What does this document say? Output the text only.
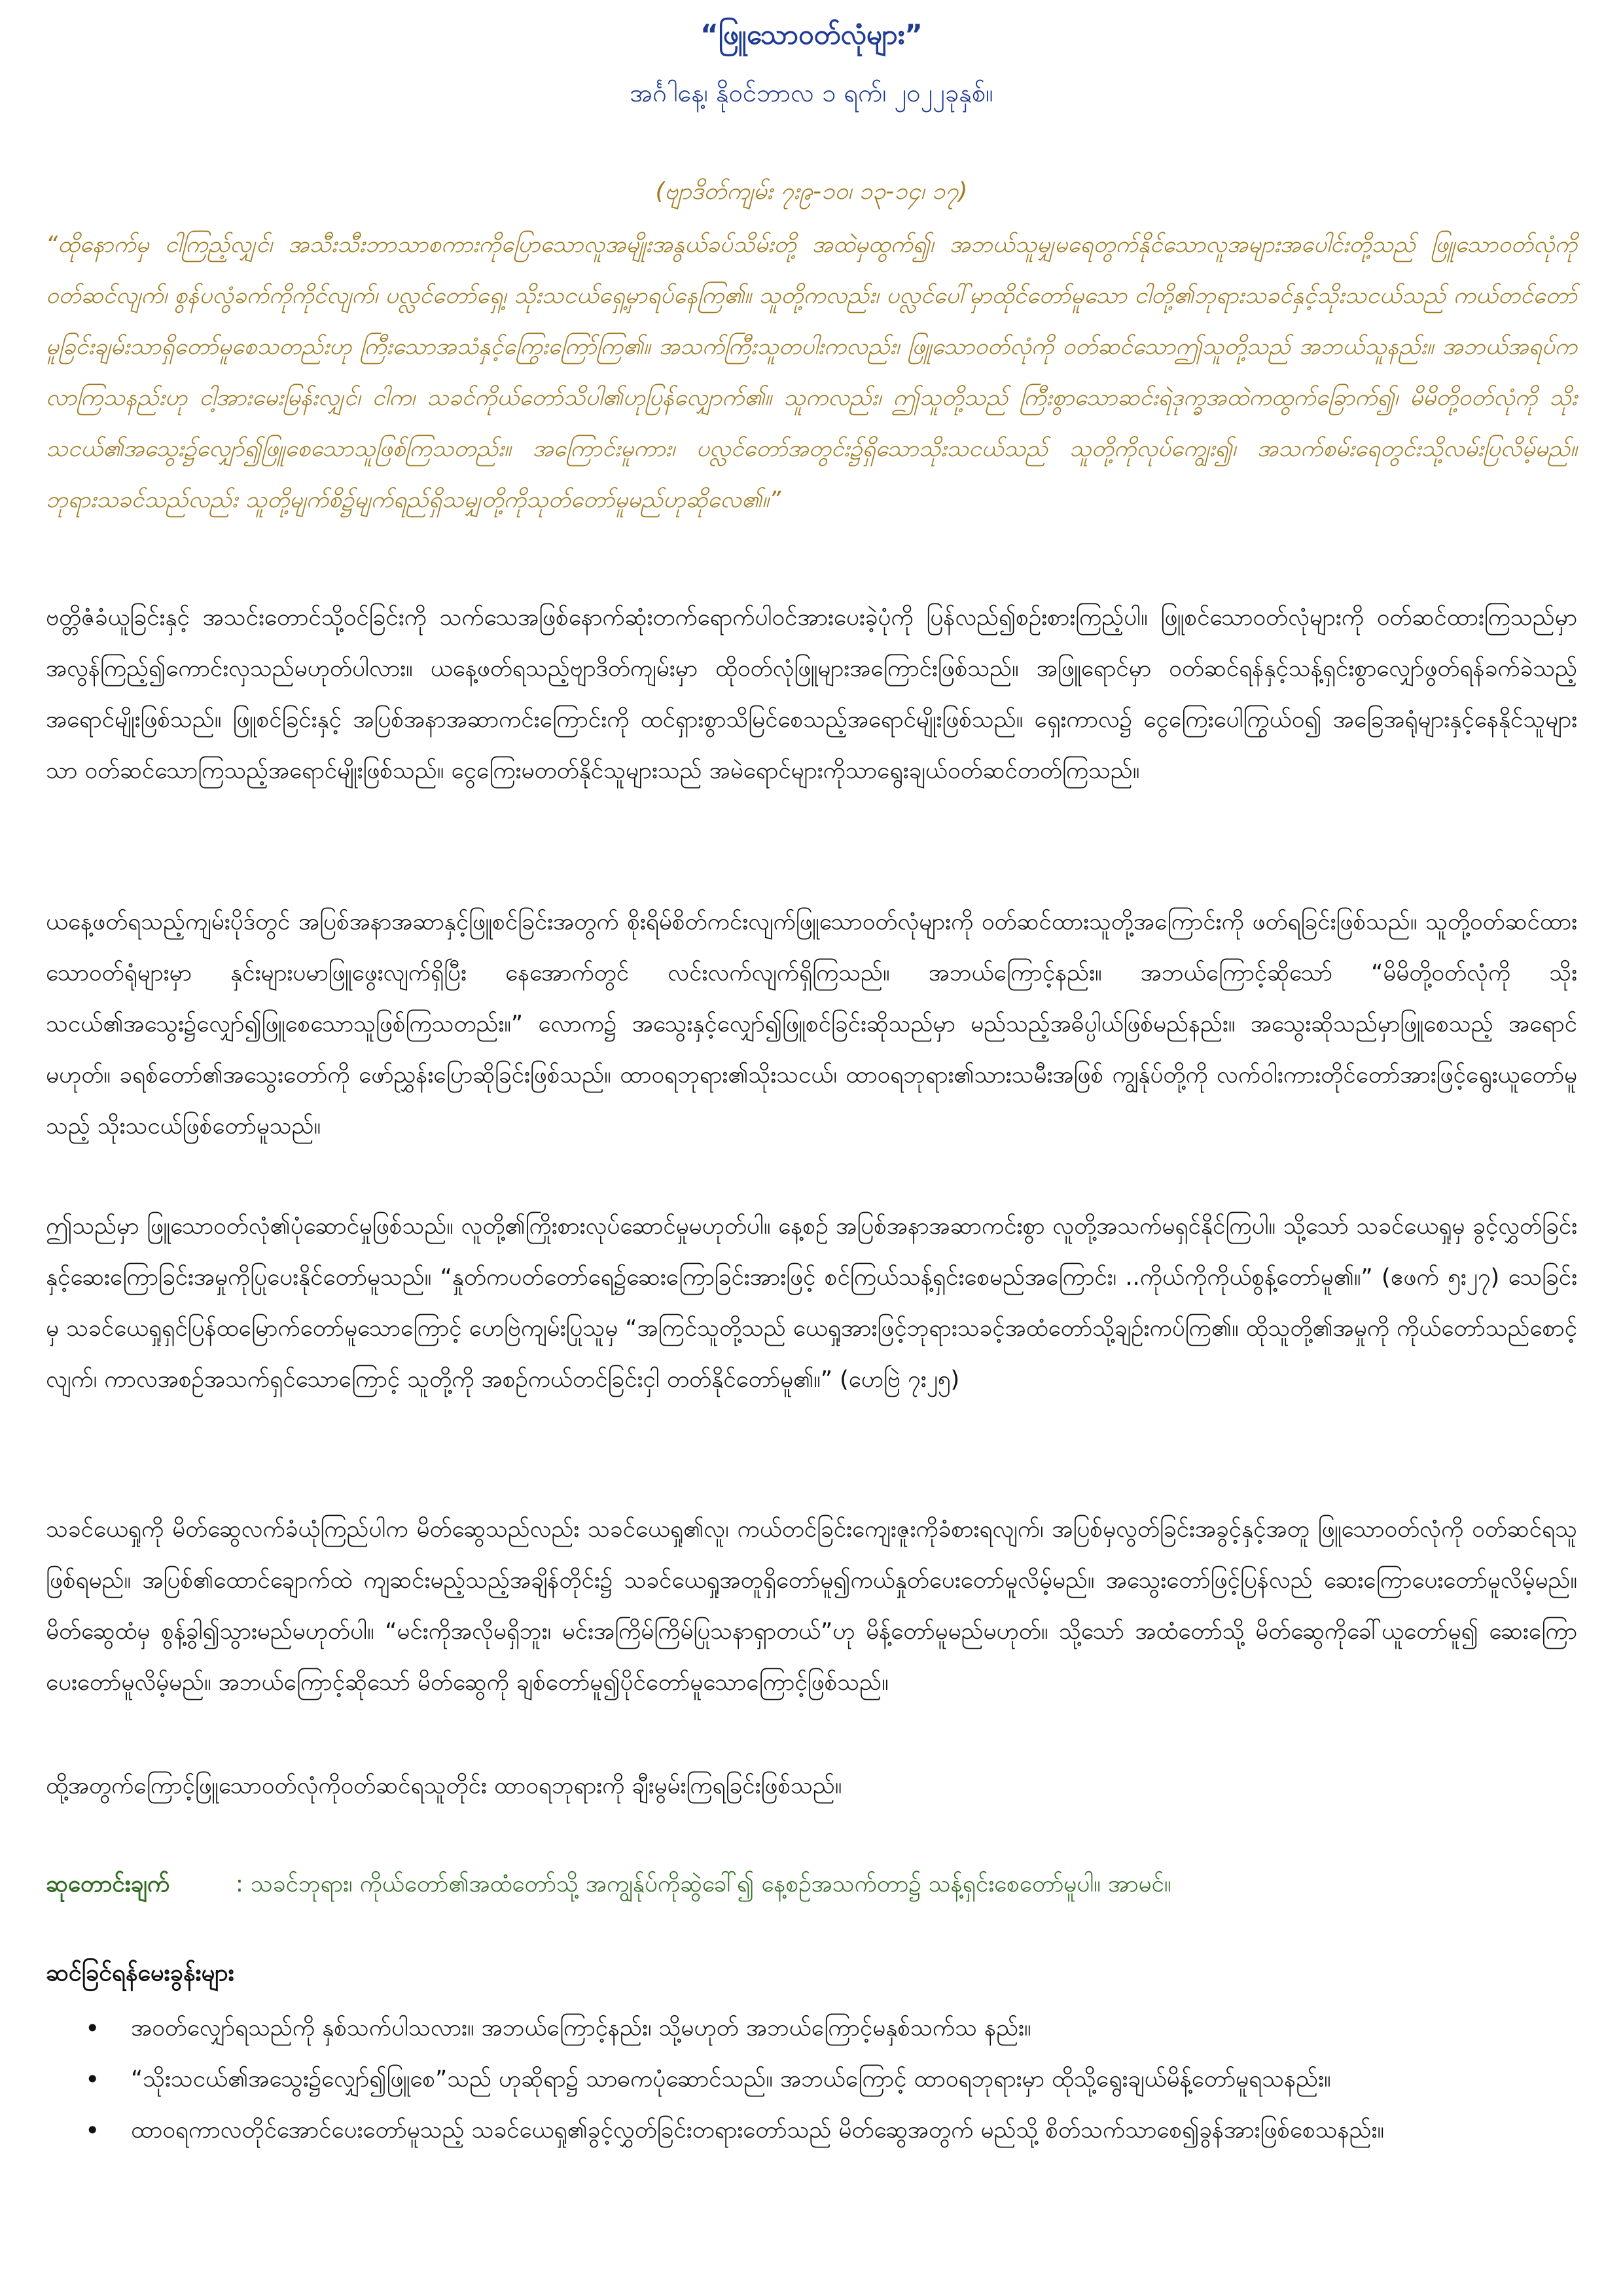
“ဖြူသောဝတ်လုံများ”
အင်္ဂါနေ့၊ နိုဝင်ဘာလ ၁ ရက်၊ ၂၀၂၂ခုနှစ်။
(ဗျာဒိတ်ကျမ်း ၇း၉-၁၀၊ ၁၃-၁၄၊ ၁၇)
“ထိုနောက်မှ ငါကြည့်လျှင်၊ အသီးသီးဘာသာစကားကိုပြောသောလူအမျိုးအနွယ်ခပ်သိမ်းတို့ အထဲမှထွက်၍၊ အဘယ်သူမျှမရေတွက်နိုင်သောလူအများအပေါင်းတို့သည် ဖြူသောဝတ်လုံကိုဝတ်ဆင်လျက်၊ စွန်ပလွံခက်ကိုကိုင်လျက်၊ ပလ္လင်တော်ရှေ့၊ သိုးသငယ်ရှေ့မှာရပ်နေကြ၏။ သူတို့ကလည်း၊ ပလ္လင်ပေါ်မှာထိုင်တော်မူသော ငါတို့၏ဘုရားသခင်နှင့်သိုးသငယ်သည် ကယ်တင်တော်မူခြင်းချမ်းသာရှိတော်မူစေသတည်းဟု ကြီးသောအသံနှင့်ကြွေးကြော်ကြ၏။ အသက်ကြီးသူတပါးကလည်း၊ ဖြူသောဝတ်လုံကို ဝတ်ဆင်သောဤသူတို့သည် အဘယ်သူနည်း။ အဘယ်အရပ်ကလာကြသနည်းဟု ငါ့အားမေးမြန်းလျှင်၊ ငါက၊ သခင်ကိုယ်တော်သိပါ၏ဟုပြန်လျှောက်၏။ သူကလည်း၊ ဤသူတို့သည် ကြီးစွာသောဆင်းရဲဒုက္ခအထဲကထွက်ခြောက်၍၊ မိမိတို့ဝတ်လုံကို သိုးသငယ်၏အသွေး၌လျှော်၍ဖြူစေသောသူဖြစ်ကြသတည်း။ အကြောင်းမူကား၊ ပလ္လင်တော်အတွင်း၌ရှိသောသိုးသငယ်သည် သူတို့ကိုလုပ်ကျွေး၍၊ အသက်စမ်းရေတွင်းသို့လမ်းပြလိမ့်မည်။ ဘုရားသခင်သည်လည်း သူတို့မျက်စိ၌မျက်ရည်ရှိသမျှတို့ကိုသုတ်တော်မူမည်ဟုဆိုလေ၏။”
ဗတ္တိဇံခံယူခြင်းနှင့် အသင်းတောင်သို့ဝင်ခြင်းကို သက်သေအဖြစ်နောက်ဆုံးတက်ရောက်ပါဝင်အားပေးခဲ့ပုံကို ပြန်လည်၍စဉ်းစားကြည့်ပါ။ ဖြူစင်သောဝတ်လုံများကို ဝတ်ဆင်ထားကြသည်မှာအလွန်ကြည့်၍ကောင်းလှသည်မဟုတ်ပါလား။ ယနေ့ဖတ်ရသည့်ဗျာဒိတ်ကျမ်းမှာ ထိုဝတ်လုံဖြူများအကြောင်းဖြစ်သည်။ အဖြူရောင်မှာ ဝတ်ဆင်ရန်နှင့်သန့်ရှင်းစွာလျှော်ဖွတ်ရန်ခက်ခဲသည့်အရောင်မျိုးဖြစ်သည်။ ဖြူစင်ခြင်းနှင့် အပြစ်အနာအဆာကင်းကြောင်းကို ထင်ရှားစွာသိမြင်စေသည့်အရောင်မျိုးဖြစ်သည်။ ရှေးကာလ၌ ငွေကြေးပေါကြွယ်ဝ၍ အခြေအရုံများနှင့်နေနိုင်သူများသာ ဝတ်ဆင်သောကြသည့်အရောင်မျိုးဖြစ်သည်။ ငွေကြေးမတတ်နိုင်သူများသည် အမဲရောင်များကိုသာရွေးချယ်ဝတ်ဆင်တတ်ကြသည်။
ယနေ့ဖတ်ရသည့်ကျမ်းပိုဒ်တွင် အပြစ်အနာအဆာနှင့်ဖြူစင်ခြင်းအတွက် စိုးရိမ်စိတ်ကင်းလျက်ဖြူသောဝတ်လုံများကို ဝတ်ဆင်ထားသူတို့အကြောင်းကို ဖတ်ရခြင်းဖြစ်သည်။ သူတို့ဝတ်ဆင်ထားသောဝတ်ရုံများမှာ နှင်းများပမာဖြူဖွေးလျက်ရှိပြီး နေအောက်တွင် လင်းလက်လျက်ရှိကြသည်။ အဘယ်ကြောင့်နည်း။ အဘယ်ကြောင့်ဆိုသော် “မိမိတို့ဝတ်လုံကို သိုးသငယ်၏အသွေး၌လျှော်၍ဖြူစေသောသူဖြစ်ကြသတည်း။” လောက၌ အသွေးနှင့်လျှော်၍ဖြူစင်ခြင်းဆိုသည်မှာ မည်သည့်အဓိပ္ပါယ်ဖြစ်မည်နည်း။ အသွေးဆိုသည်မှာဖြူစေသည့် အရောင်မဟုတ်။ ခရစ်တော်၏အသွေးတော်ကို ဖော်ညွှန်းပြောဆိုခြင်းဖြစ်သည်။ ထာဝရဘုရား၏သိုးသငယ်၊ ထာဝရဘုရား၏သားသမီးအဖြစ် ကျွန်ုပ်တို့ကို လက်ဝါးကားတိုင်တော်အားဖြင့်ရွေးယူတော်မူသည့် သိုးသငယ်ဖြစ်တော်မူသည်။
ဤသည်မှာ ဖြူသောဝတ်လုံ၏ပုံဆောင်မှုဖြစ်သည်။ လူတို့၏ကြိုးစားလုပ်ဆောင်မှုမဟုတ်ပါ။ နေ့စဉ် အပြစ်အနာအဆာကင်းစွာ လူတို့အသက်မရှင်နိုင်ကြပါ။ သို့သော် သခင်ယေရှုမှ ခွင့်လွှတ်ခြင်းနှင့်ဆေးကြောခြင်းအမှုကိုပြုပေးနိုင်တော်မူသည်။ “နှုတ်ကပတ်တော်ရေ၌ဆေးကြောခြင်းအားဖြင့် စင်ကြယ်သန့်ရှင်းစေမည်အကြောင်း၊ ..ကိုယ်ကိုကိုယ်စွန့်တော်မူ၏။” (ဧဖက် ၅း၂၇) သေခြင်းမှ သခင်ယေရှုရှင်ပြန်ထမြောက်တော်မူသောကြောင့် ဟေဗြဲကျမ်းပြုသူမှ “အကြင်သူတို့သည် ယေရှုအားဖြင့်ဘုရားသခင့်အထံတော်သို့ချဉ်းကပ်ကြ၏။ ထိုသူတို့၏အမှုကို ကိုယ်တော်သည်စောင့်လျက်၊ ကာလအစဉ်အသက်ရှင်သောကြောင့် သူတို့ကို အစဉ်ကယ်တင်ခြင်းငှါ တတ်နိုင်တော်မူ၏။” (ဟေဗြဲ ၇း၂၅)
သခင်ယေရှုကို မိတ်ဆွေလက်ခံယုံကြည်ပါက မိတ်ဆွေသည်လည်း သခင်ယေရှု၏လူ၊ ကယ်တင်ခြင်းကျေးဇူးကိုခံစားရလျက်၊ အပြစ်မှလွတ်ခြင်းအခွင့်နှင့်အတူ ဖြူသောဝတ်လုံကို ဝတ်ဆင်ရသူဖြစ်ရမည်။ အပြစ်၏ထောင်ချောက်ထဲ ကျဆင်းမည့်သည့်အချိန်တိုင်း၌ သခင်ယေရှုအတူရှိတော်မူ၍ကယ်နှုတ်ပေးတော်မူလိမ့်မည်။ အသွေးတော်ဖြင့်ပြန်လည် ဆေးကြောပေးတော်မူလိမ့်မည်။ မိတ်ဆွေထံမှ စွန့်ခွါ၍သွားမည်မဟုတ်ပါ။ “မင်းကိုအလိုမရှိဘူး၊ မင်းအကြိမ်ကြိမ်ပြုသနာရှာတယ်”ဟု မိန့်တော်မူမည်မဟုတ်။ သို့သော် အထံတော်သို့ မိတ်ဆွေကိုခေါ်ယူတော်မူ၍ ဆေးကြောပေးတော်မူလိမ့်မည်။ အဘယ်ကြောင့်ဆိုသော် မိတ်ဆွေကို ချစ်တော်မူ၍ပိုင်တော်မူသောကြောင့်ဖြစ်သည်။
ထို့အတွက်ကြောင့်ဖြူသောဝတ်လုံကိုဝတ်ဆင်ရသူတိုင်း ထာဝရဘုရားကို ချီးမွမ်းကြရခြင်းဖြစ်သည်။
ဆုတောင်းချက်	: သခင်ဘုရား၊ ကိုယ်တော်၏အထံတော်သို့ အကျွန်ုပ်ကိုဆွဲခေါ်၍ နေ့စဉ်အသက်တာ၌ သန့်ရှင်းစေတော်မူပါ။ အာမင်။
ဆင်ခြင်ရန်မေးခွန်းများ
• အဝတ်လျှော်ရသည်ကို နှစ်သက်ပါသလား။ အဘယ်ကြောင့်နည်း၊ သို့မဟုတ် အဘယ်ကြောင့်မနှစ်သက်သ နည်း။
• “သိုးသငယ်၏အသွေး၌လျှော်၍ဖြူစေ”သည် ဟုဆိုရာ၌ သာဓကပုံဆောင်သည်။ အဘယ်ကြောင့် ထာဝရဘုရားမှာ ထိုသို့ရွေးချယ်မိန့်တော်မူရသနည်း။
• ထာဝရကာလတိုင်အောင်ပေးတော်မူသည့် သခင်ယေရှု၏ခွင့်လွှတ်ခြင်းတရားတော်သည် မိတ်ဆွေအတွက် မည်သို့ စိတ်သက်သာစေ၍ခွန်အားဖြစ်စေသနည်း။
